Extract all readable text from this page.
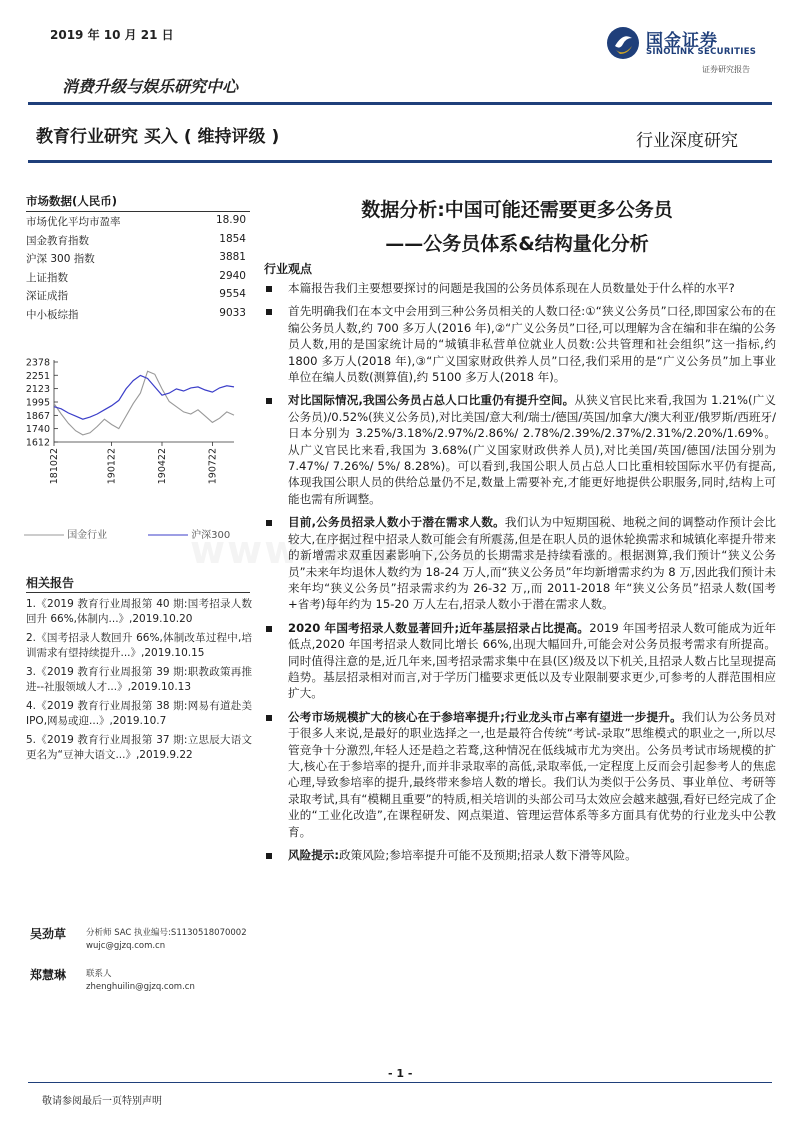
2019 年 10 月 21 日	国金证券
SINOLINK SECURITIES
证券研究报告
消费升级与娱乐研究中心
教育行业研究 买入 ( 维持评级 )	行业深度研究
市场数据(人民币)
市场优化平均市盈率	18.90
国金教育指数	1854
沪深 300 指数	3881
上证指数	2940
深证成指	9554
中小板综指	9033
2378
2251
2123
1995
1867
1740
1612
181022	190122	190422	190722
国金行业	沪深300
相关报告
1.《2019 教育行业周报第 40 期:国考招录人数回升 66%,体制内...》,2019.10.20
2.《国考招录人数回升 66%,体制改革过程中,培训需求有望持续提升...》,2019.10.15
3.《2019 教育行业周报第 39 期:职教政策再推进--社服领域人才...》,2019.10.13
4.《2019 教育行业周报第 38 期:网易有道赴美 IPO,网易或迎...》,2019.10.7
5.《2019 教育行业周报第 37 期:立思辰大语文更名为“豆神大语文...》,2019.9.22
吴劲草 分析师 SAC 执业编号:S1130518070002
wujc@gjzq.com.cn
郑慧琳 联系人
zhenghuilin@gjzq.com.cn
数据分析:中国可能还需要更多公务员
——公务员体系&结构量化分析
行业观点
本篇报告我们主要想要探讨的问题是我国的公务员体系现在人员数量处于什么样的水平?
首先明确我们在本文中会用到三种公务员相关的人数口径:①“狭义公务员”口径,即国家公布的在编公务员人数,约 700 多万人(2016 年),②“广义公务员”口径,可以理解为含在编和非在编的公务员人数,用的是国家统计局的“城镇非私营单位就业人员数:公共管理和社会组织”这一指标,约 1800 多万人(2018 年),③“广义国家财政供养人员”口径,我们采用的是“广义公务员”加上事业单位在编人员数(测算值),约 5100 多万人(2018 年)。
对比国际情况,我国公务员占总人口比重仍有提升空间。从狭义官民比来看,我国为 1.21%(广义公务员)/0.52%(狭义公务员),对比美国/意大利/瑞士/德国/英国/加拿大/澳大利亚/俄罗斯/西班牙/日本分别为 3.25%/3.18%/2.97%/2.86%/ 2.78%/2.39%/2.37%/2.31%/2.20%/1.69%。从广义官民比来看,我国为 3.68%(广义国家财政供养人员),对比美国/英国/德国/法国分别为 7.47%/ 7.26%/ 5%/ 8.28%)。可以看到,我国公职人员占总人口比重相较国际水平仍有提高,体现我国公职人员的供给总量仍不足,数量上需要补充,才能更好地提供公职服务,同时,结构上可能也需有所调整。
目前,公务员招录人数小于潜在需求人数。我们认为中短期国税、地税之间的调整动作预计会比较大,在序据过程中招录人数可能会有所震荡,但是在职人员的退休轮换需求和城镇化率提升带来的新增需求双重因素影响下,公务员的长期需求是持续看涨的。根据测算,我们预计“狭义公务员”未来年均退休人数约为 18-24 万人,而“狭义公务员”年均新增需求约为 8 万,因此我们预计未来年均“狭义公务员”招录需求约为 26-32 万,,而 2011-2018 年“狭义公务员”招录人数(国考+省考)每年约为 15-20 万人左右,招录人数小于潜在需求人数。
2020 年国考招录人数显著回升;近年基层招录占比提高。2019 年国考招录人数可能成为近年低点,2020 年国考招录人数同比增长 66%,出现大幅回升,可能会对公务员报考需求有所提高。同时值得注意的是,近几年来,国考招录需求集中在县(区)级及以下机关,且招录人数占比呈现提高趋势。基层招录相对而言,对于学历门槛要求更低以及专业限制要求更少,可参考的人群范围相应扩大。
公考市场规模扩大的核心在于参培率提升;行业龙头市占率有望进一步提升。我们认为公务员对于很多人来说,是最好的职业选择之一,也是最符合传统“考试-录取”思维模式的职业之一,所以尽管竞争十分激烈,年轻人还是趋之若鹜,这种情况在低线城市尤为突出。公务员考试市场规模的扩大,核心在于参培率的提升,而并非录取率的高低,录取率低,一定程度上反而会引起参考人的焦虑心理,导致参培率的提升,最终带来参培人数的增长。我们认为类似于公务员、事业单位、考研等录取考试,具有“模糊且重要”的特质,相关培训的头部公司马太效应会越来越强,看好已经完成了企业的“工业化改造”,在课程研发、网点渠道、管理运营体系等多方面具有优势的行业龙头中公教育。
风险提示:政策风险;参培率提升可能不及预期;招录人数下滑等风险。
- 1 -
敬请参阅最后一页特别声明
